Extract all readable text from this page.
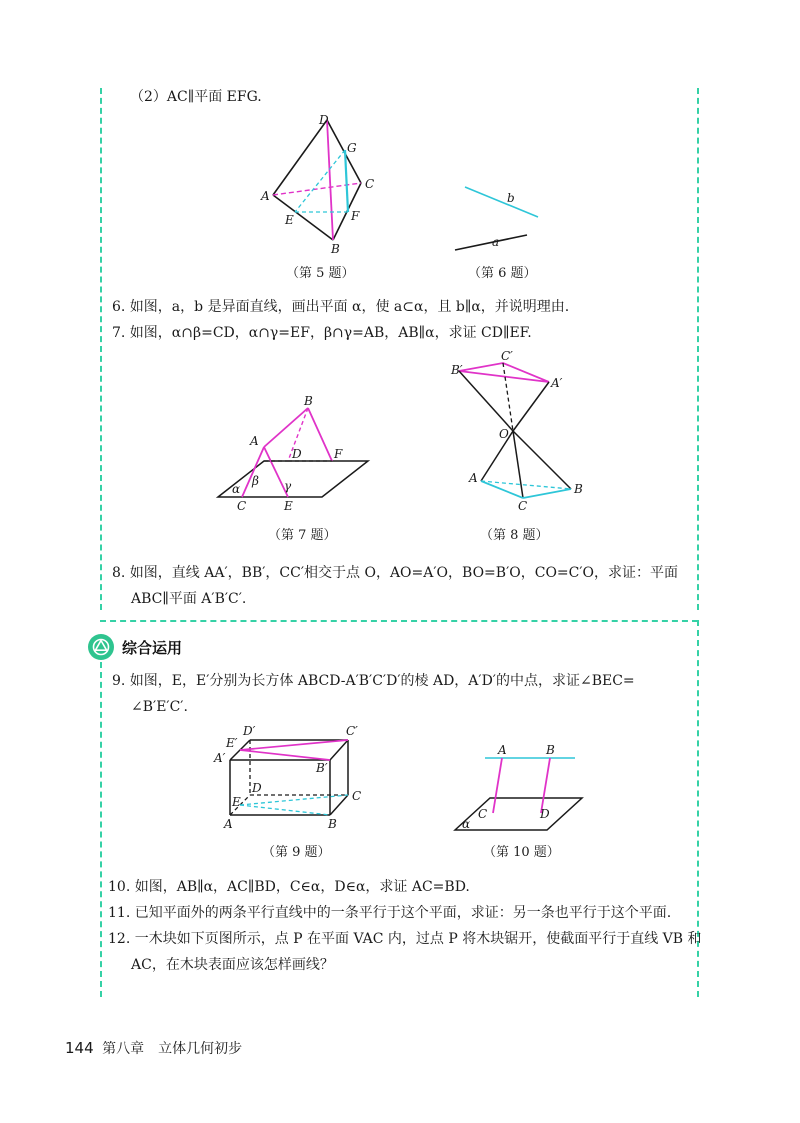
（2）AC∥平面 EFG.
D
G
A
C
E	F
B
（第 5 题）
b
a
（第 6 题）
6. 如图，a，b 是异面直线，画出平面 α，使 a⊂α，且 b∥α，并说明理由.
7. 如图，α∩β=CD，α∩γ=EF，β∩γ=AB，AB∥α，求证 CD∥EF.
B
A
D	F
β γ
α
C	E
（第 7 题）
C′
B′
A′
O
A
B
C
（第 8 题）
8. 如图，直线 AA′，BB′，CC′相交于点 O，AO=A′O，BO=B′O，CO=C′O，求证：平面
ABC∥平面 A′B′C′.
综合运用
9. 如图，E，E′分别为长方体 ABCD-A′B′C′D′的棱 AD，A′D′的中点，求证∠BEC=
∠B′E′C′.
D′	C′
E′
A′
B′
D
E	C
A	B
（第 9 题）
A	B
C	D
α
（第 10 题）
10. 如图，AB∥α，AC∥BD，C∈α，D∈α，求证 AC=BD.
11. 已知平面外的两条平行直线中的一条平行于这个平面，求证：另一条也平行于这个平面.
12. 一木块如下页图所示，点 P 在平面 VAC 内，过点 P 将木块锯开，使截面平行于直线 VB 和
AC，在木块表面应该怎样画线？
144 第八章　立体几何初步
